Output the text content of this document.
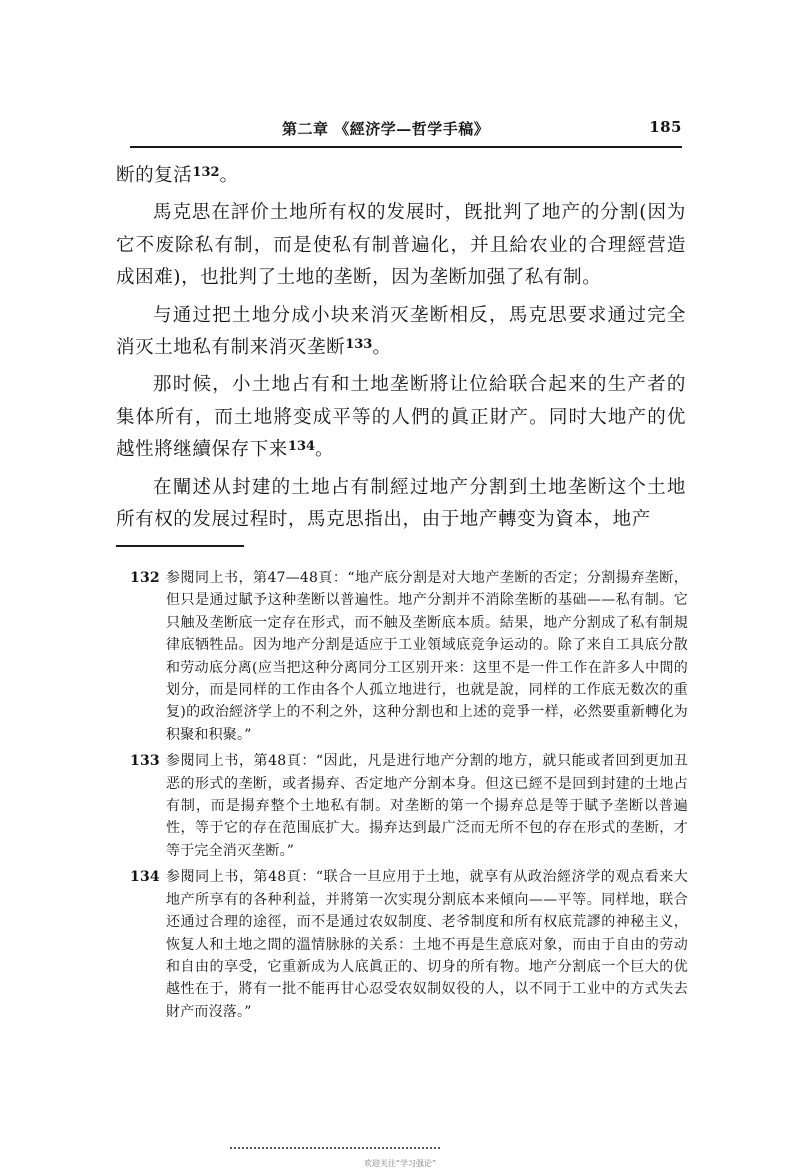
第二章 《經济学—哲学手稿》	185

断的复活$^{132}$。

馬克思在評价土地所有权的发展时，旣批判了地产的分割(因为它不废除私有制，而是使私有制普遍化，并且給农业的合理經营造成困难)，也批判了土地的垄断，因为垄断加强了私有制。

与通过把土地分成小块来消灭垄断相反，馬克思要求通过完全消灭土地私有制来消灭垄断$^{133}$。

那时候，小土地占有和土地垄断將让位給联合起来的生产者的集体所有，而土地將变成平等的人們的眞正財产。同时大地产的优越性將继續保存下来$^{134}$。

在闡述从封建的土地占有制經过地产分割到土地垄断这个土地所有权的发展过程时，馬克思指出，由于地产轉变为資本，地产

132 参閱同上书，第47—48頁：“地产底分割是对大地产垄断的否定；分割揚弃垄断，但只是通过賦予这种垄断以普遍性。地产分割并不消除垄断的基础——私有制。它只触及垄断底一定存在形式，而不触及垄断底本质。結果，地产分割成了私有制規律底牺牲品。因为地产分割是适应于工业領域底竞争运动的。除了来自工具底分散和劳动底分离(应当把这种分离同分工区别开来：这里不是一件工作在許多人中間的划分，而是同样的工作由各个人孤立地进行，也就是說，同样的工作底无数次的重复)的政治經济学上的不利之外，这种分割也和上述的竞爭一样，必然要重新轉化为积聚和积聚。”
133 参閱同上书，第48頁：“因此，凡是进行地产分割的地方，就只能或者回到更加丑恶的形式的垄断，或者揚弃、否定地产分割本身。但这已經不是回到封建的土地占有制，而是揚弃整个土地私有制。对垄断的第一个揚弃总是等于賦予垄断以普遍性，等于它的存在范围底扩大。揚弃达到最广泛而无所不包的存在形式的垄断，才等于完全消灭垄断。”
134 参閱同上书，第48頁：“联合一旦应用于土地，就享有从政治經济学的观点看来大地产所享有的各种利益，并將第一次实現分割底本来傾向——平等。同样地，联合还通过合理的途徑，而不是通过农奴制度、老爷制度和所有权底荒謬的神秘主义，恢复人和土地之間的溫情脉脉的关系：土地不再是生意底对象，而由于自由的劳动和自由的享受，它重新成为人底眞正的、切身的所有物。地产分割底一个巨大的优越性在于，將有一批不能再甘心忍受农奴制奴役的人，以不同于工业中的方式失去財产而沒落。”
欢迎关注“学习强论”
